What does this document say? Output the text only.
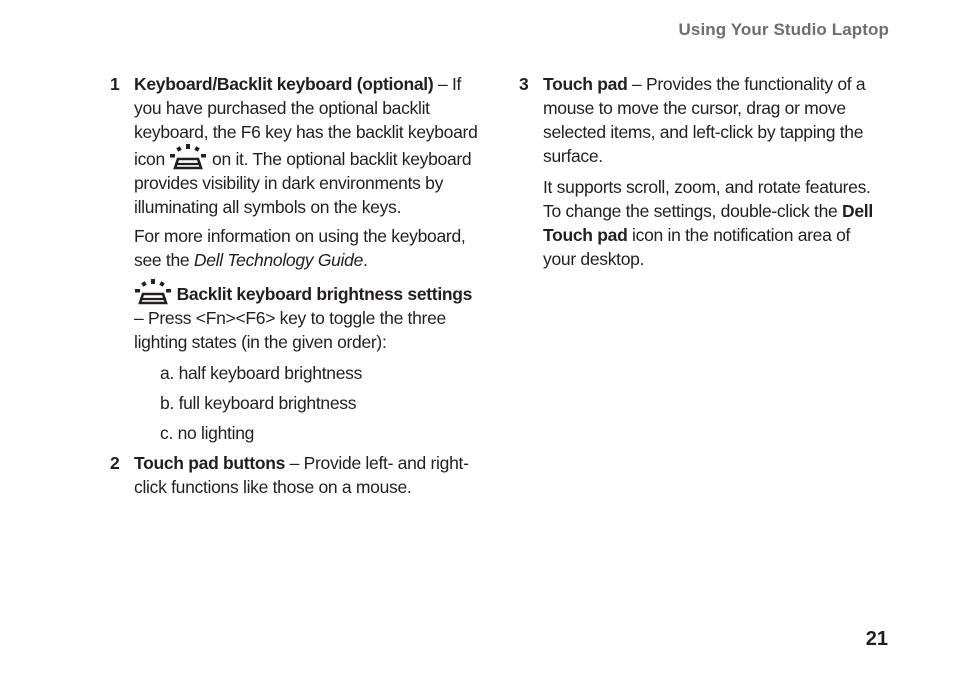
Using Your Studio Laptop
1 Keyboard/Backlit keyboard (optional) – If you have purchased the optional backlit keyboard, the F6 key has the backlit keyboard icon
on it. The optional backlit keyboard provides visibility in dark environments by illuminating all symbols on the keys.

For more information on using the keyboard, see the Dell Technology Guide.

Backlit keyboard brightness settings – Press <Fn><F6> key to toggle the three lighting states (in the given order):

a. half keyboard brightness
b. full keyboard brightness
c. no lighting
2 Touch pad buttons – Provide left- and right-click functions like those on a mouse.

3 Touch pad – Provides the functionality of a mouse to move the cursor, drag or move selected items, and left-click by tapping the surface.

It supports scroll, zoom, and rotate features. To change the settings, double-click the Dell Touch pad icon in the notification area of your desktop.

21
